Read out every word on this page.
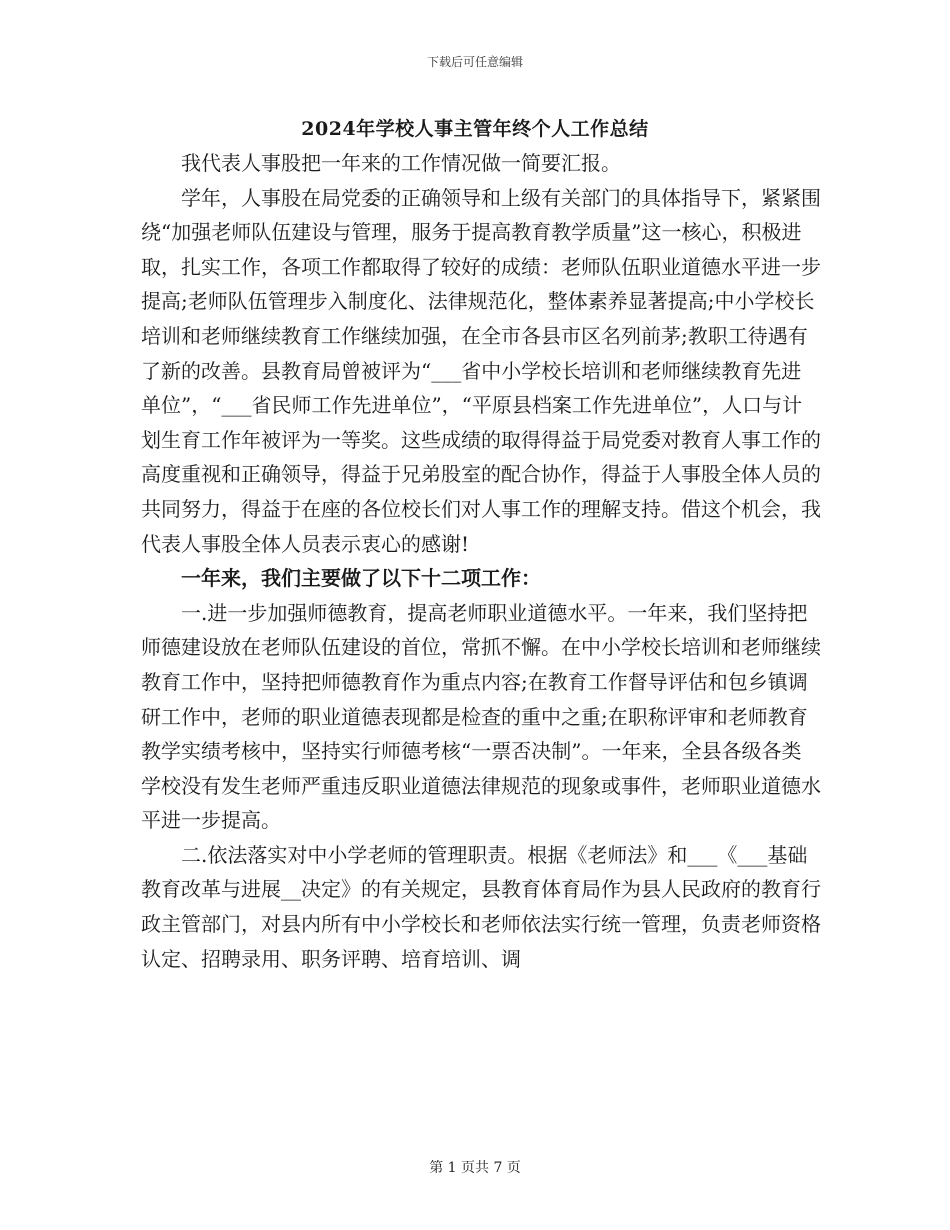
下载后可任意编辑
2024年学校人事主管年终个人工作总结

我代表人事股把一年来的工作情况做一简要汇报。

学年，人事股在局党委的正确领导和上级有关部门的具体指导下，紧紧围绕“加强老师队伍建设与管理，服务于提高教育教学质量”这一核心，积极进取，扎实工作，各项工作都取得了较好的成绩：老师队伍职业道德水平进一步提高;老师队伍管理步入制度化、法律规范化，整体素养显著提高;中小学校长培训和老师继续教育工作继续加强，在全市各县市区名列前茅;教职工待遇有了新的改善。县教育局曾被评为“___省中小学校长培训和老师继续教育先进单位”，“___省民师工作先进单位”，“平原县档案工作先进单位”，人口与计划生育工作年被评为一等奖。这些成绩的取得得益于局党委对教育人事工作的高度重视和正确领导，得益于兄弟股室的配合协作，得益于人事股全体人员的共同努力，得益于在座的各位校长们对人事工作的理解支持。借这个机会，我代表人事股全体人员表示衷心的感谢!

一年来，我们主要做了以下十二项工作：

一.进一步加强师德教育，提高老师职业道德水平。一年来，我们坚持把师德建设放在老师队伍建设的首位，常抓不懈。在中小学校长培训和老师继续教育工作中，坚持把师德教育作为重点内容;在教育工作督导评估和包乡镇调研工作中，老师的职业道德表现都是检查的重中之重;在职称评审和老师教育教学实绩考核中，坚持实行师德考核“一票否决制”。一年来，全县各级各类学校没有发生老师严重违反职业道德法律规范的现象或事件，老师职业道德水平进一步提高。

二.依法落实对中小学老师的管理职责。根据《老师法》和___《___基础教育改革与进展__决定》的有关规定，县教育体育局作为县人民政府的教育行政主管部门，对县内所有中小学校长和老师依法实行统一管理，负责老师资格认定、招聘录用、职务评聘、培育培训、调

第 1 页共 7 页
